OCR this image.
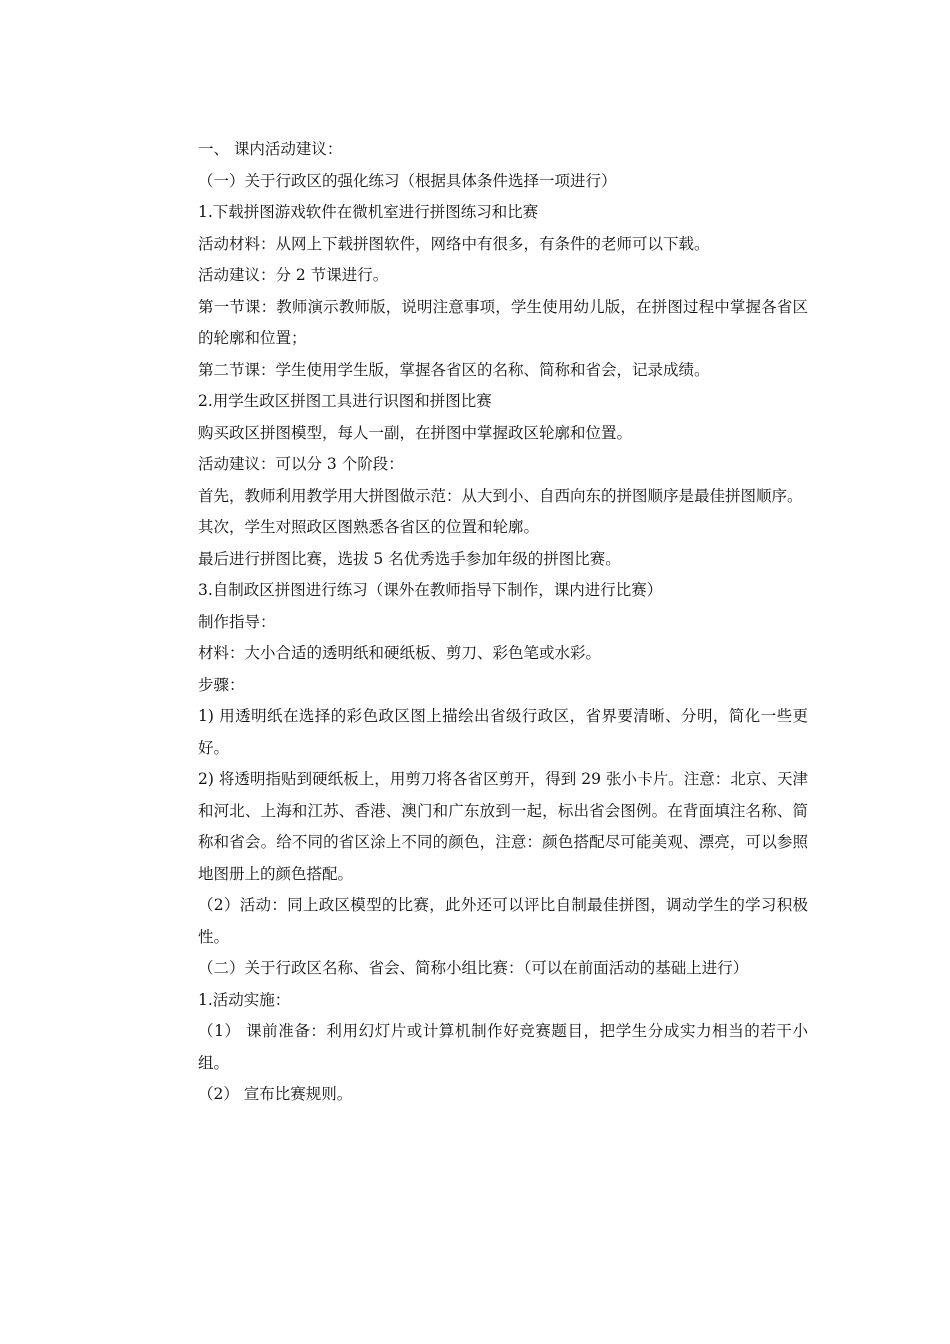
一、 课内活动建议：

（一）关于行政区的强化练习（根据具体条件选择一项进行）

1.下载拼图游戏软件在微机室进行拼图练习和比赛

活动材料：从网上下载拼图软件，网络中有很多，有条件的老师可以下载。

活动建议：分 2 节课进行。

第一节课：教师演示教师版，说明注意事项，学生使用幼儿版，在拼图过程中掌握各省区的轮廓和位置；

第二节课：学生使用学生版，掌握各省区的名称、简称和省会，记录成绩。

2.用学生政区拼图工具进行识图和拼图比赛

购买政区拼图模型，每人一副，在拼图中掌握政区轮廓和位置。

活动建议：可以分 3 个阶段：

首先，教师利用教学用大拼图做示范：从大到小、自西向东的拼图顺序是最佳拼图顺序。

其次，学生对照政区图熟悉各省区的位置和轮廓。

最后进行拼图比赛，选拔 5 名优秀选手参加年级的拼图比赛。

3.自制政区拼图进行练习（课外在教师指导下制作，课内进行比赛）

制作指导：

材料：大小合适的透明纸和硬纸板、剪刀、彩色笔或水彩。

步骤：

1) 用透明纸在选择的彩色政区图上描绘出省级行政区，省界要清晰、分明，简化一些更好。

2) 将透明指贴到硬纸板上，用剪刀将各省区剪开，得到 29 张小卡片。注意：北京、天津和河北、上海和江苏、香港、澳门和广东放到一起，标出省会图例。在背面填注名称、简称和省会。给不同的省区涂上不同的颜色，注意：颜色搭配尽可能美观、漂亮，可以参照地图册上的颜色搭配。

（2）活动：同上政区模型的比赛，此外还可以评比自制最佳拼图，调动学生的学习积极性。

（二）关于行政区名称、省会、简称小组比赛：（可以在前面活动的基础上进行）

1.活动实施：

（1） 课前准备：利用幻灯片或计算机制作好竞赛题目，把学生分成实力相当的若干小组。

（2） 宣布比赛规则。
